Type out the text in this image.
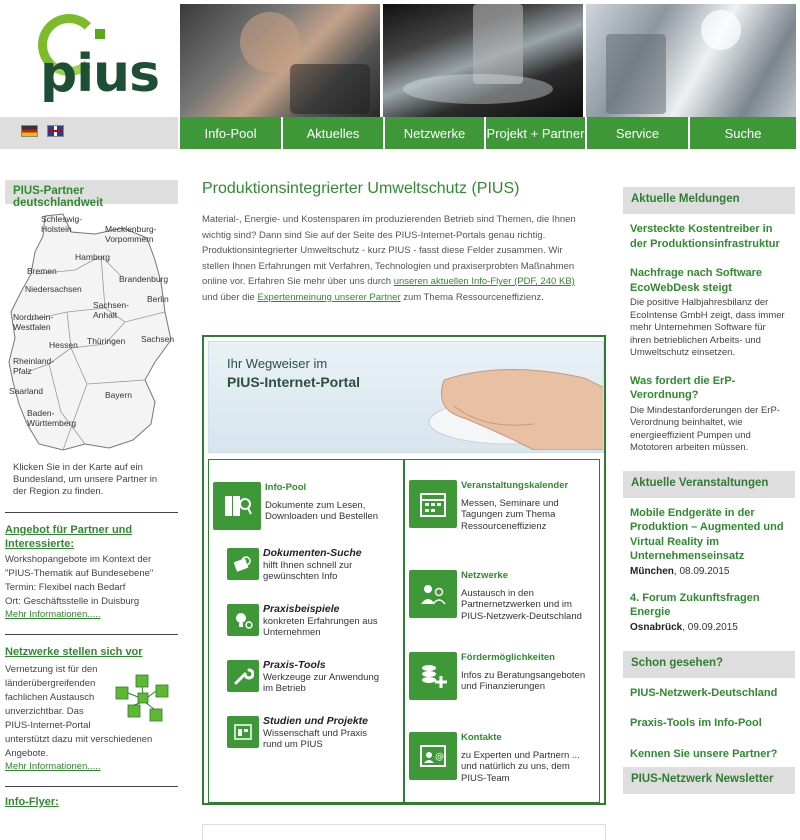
pius
Info-Pool	Aktuelles	Netzwerke	Projekt + Partner	Service	Suche
PIUS-Partner deutschlandweit
Schleswig-
Holstein	Mecklenburg-
Vorpommern
Hamburg
Bremen
Brandenburg
Niedersachsen
Berlin
Sachsen-
Anhalt
Nordrhein-
Westfalen
Sachsen
Hessen Thüringen
Rheinland-
Pfalz
Saarland	Bayern
Baden-
Württemberg
Klicken Sie in der Karte auf ein Bundesland, um unsere Partner in der Region zu finden.
Angebot für Partner und Interessierte:
Workshopangebote im Kontext der "PIUS-Thematik auf Bundesebene"
Termin: Flexibel nach Bedarf
Ort: Geschäftsstelle in Duisburg
Mehr Informationen.....
Netzwerke stellen sich vor
Vernetzung ist für den länderübergreifenden fachlichen Austausch unverzichtbar. Das PIUS-Internet-Portal unterstützt dazu mit verschiedenen Angebote.
Mehr Informationen.....
Info-Flyer:
Produktionsintegrierter Umweltschutz (PIUS)

Material-, Energie- und Kostensparen im produzierenden Betrieb sind Themen, die Ihnen wichtig sind? Dann sind Sie auf der Seite des PIUS-Internet-Portals genau richtig. Produktionsintegrierter Umweltschutz - kurz PIUS - fasst diese Felder zusammen. Wir stellen Ihnen Erfahrungen mit Verfahren, Technologien und praxiserprobten Maßnahmen online vor. Erfahren Sie mehr über uns durch unseren aktuellen Info-Flyer (PDF, 240 KB) und über die Expertenmeinung unserer Partner zum Thema Ressourceneffizienz.

Ihr Wegweiser im
PIUS-Internet-Portal
Info-Pool
Dokumente zum Lesen, Downloaden und Bestellen
Dokumenten-Suche
hilft Ihnen schnell zur gewünschten Info
Praxisbeispiele
konkreten Erfahrungen aus Unternehmen
Praxis-Tools
Werkzeuge zur Anwendung im Betrieb
Studien und Projekte
Wissenschaft und Praxis rund um PIUS
Veranstaltungskalender
Messen, Seminare und Tagungen zum Thema Ressourceneffizienz
Netzwerke
Austausch in den Partnernetzwerken und im PIUS-Netzwerk-Deutschland
Fördermöglichkeiten
Infos zu Beratungsangeboten und Finanzierungen
@
Kontakte
zu Experten und Partnern ... und natürlich zu uns, dem PIUS-Team
Aktuelle Meldungen
Versteckte Kostentreiber in der Produktionsinfrastruktur
Nachfrage nach Software EcoWebDesk steigt
Die positive Halbjahresbilanz der EcoIntense GmbH zeigt, dass immer mehr Unternehmen Software für ihren betrieblichen Arbeits- und Umweltschutz einsetzen.
Was fordert die ErP-Verordnung?
Die Mindestanforderungen der ErP-Verordnung beinhaltet, wie energieeffizient Pumpen und Mototoren arbeiten müssen.
Aktuelle Veranstaltungen
Mobile Endgeräte in der Produktion – Augmented und Virtual Reality im Unternehmenseinsatz
München, 08.09.2015
4. Forum Zukunftsfragen Energie
Osnabrück, 09.09.2015
Schon gesehen?
PIUS-Netzwerk-Deutschland
Praxis-Tools im Info-Pool
Kennen Sie unsere Partner?
PIUS-Netzwerk Newsletter
